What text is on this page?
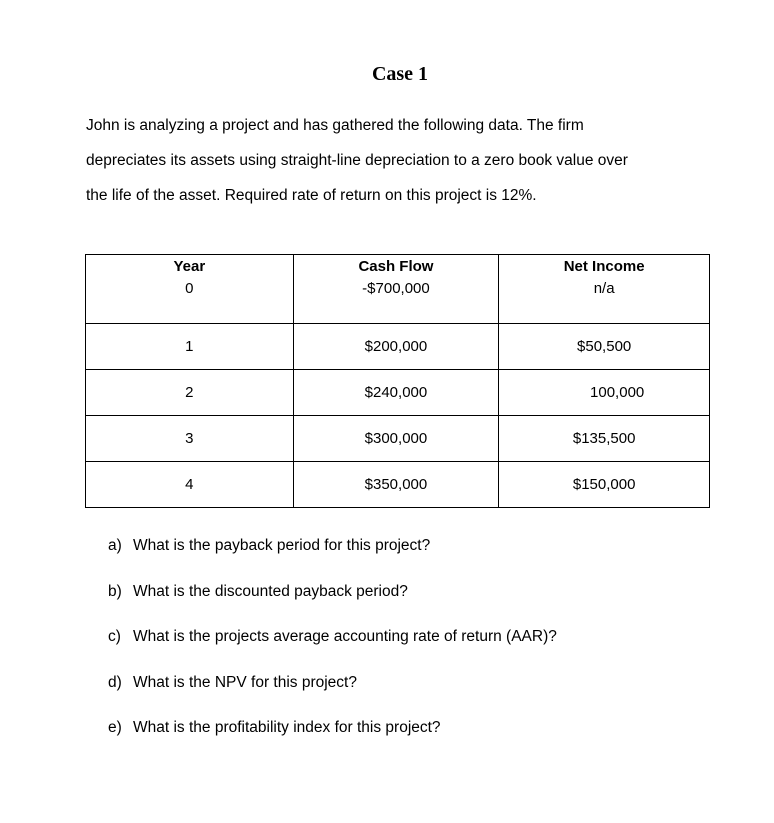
Case 1

John is analyzing a project and has gathered the following data. The firm
depreciates its assets using straight-line depreciation to a zero book value over
the life of the asset. Required rate of return on this project is 12%.

Year	Cash Flow	Net Income
0	-$700,000	n/a
1	$200,000	$50,500
2	$240,000	100,000
3	$300,000	$135,500
4	$350,000	$150,000
a) What is the payback period for this project?
b) What is the discounted payback period?
c) What is the projects average accounting rate of return (AAR)?
d) What is the NPV for this project?
e) What is the profitability index for this project?
